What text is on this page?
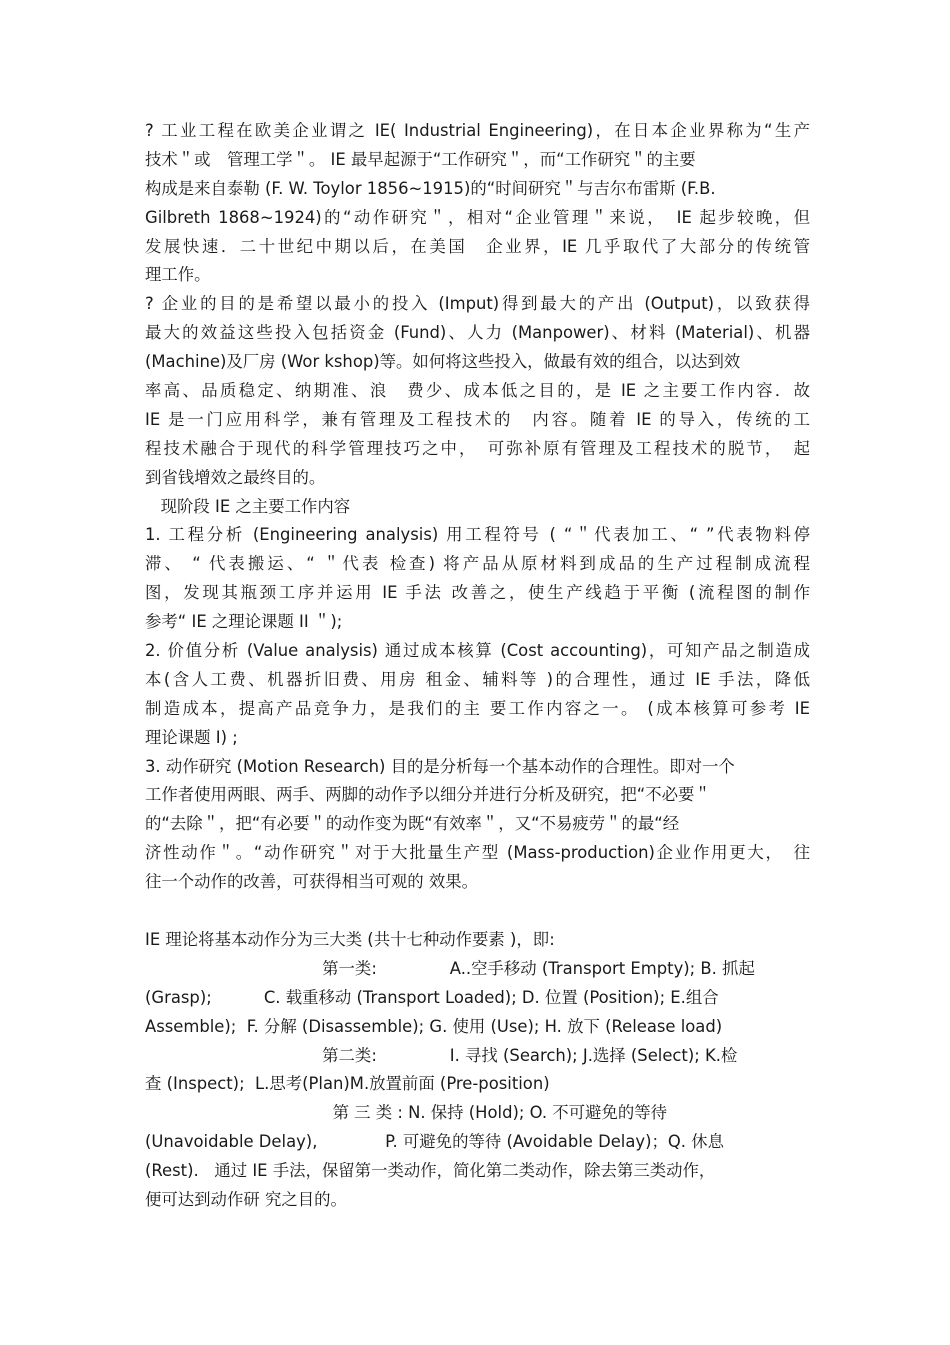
? 工业工程在欧美企业谓之 IE( Industrial Engineering)，在日本企业界称为“生产
技术＂或　管理工学＂。 IE 最早起源于“工作研究＂，而“工作研究＂的主要
构成是来自泰勒 (F. W. Toylor 1856~1915)的“时间研究＂与吉尔布雷斯 (F.B.
Gilbreth 1868~1924)的“动作研究＂，相对“企业管理＂来说，　IE 起步较晚，但
发展快速．二十世纪中期以后，在美国　企业界，IE 几乎取代了大部分的传统管
理工作。
? 企业的目的是希望以最小的投入 (Imput)得到最大的产出 (Output)，以致获得
最大的效益这些投入包括资金 (Fund)、人力 (Manpower)、材料 (Material)、机器
(Machine)及厂房 (Wor kshop)等。如何将这些投入，做最有效的组合，以达到效
率高、品质稳定、纳期准、浪　费少、成本低之目的，是 IE 之主要工作内容．故
IE 是一门应用科学，兼有管理及工程技术的　内容。随着 IE 的导入，传统的工
程技术融合于现代的科学管理技巧之中，　可弥补原有管理及工程技术的脱节，　起
到省钱增效之最终目的。
现阶段 IE 之主要工作内容
1. 工程分析 (Engineering analysis) 用工程符号 ( “＂代表加工、“ ”代表物料停
滞、 “ 代表搬运、“ ＂代表 检查) 将产品从原材料到成品的生产过程制成流程
图，发现其瓶颈工序并运用 IE 手法 改善之，使生产线趋于平衡 (流程图的制作
参考“ IE 之理论课题 II ＂);
2. 价值分析 (Value analysis) 通过成本核算 (Cost accounting)，可知产品之制造成
本(含人工费、机器折旧费、用房 租金、辅料等 )的合理性，通过 IE 手法，降低
制造成本，提高产品竞争力，是我们的主 要工作内容之一。 (成本核算可参考 IE
理论课题 I) ;
3. 动作研究 (Motion Research) 目的是分析每一个基本动作的合理性。即对一个
工作者使用两眼、两手、两脚的动作予以细分并进行分析及研究，把“不必要＂
的“去除＂，把“有必要＂的动作变为既“有效率＂，又“不易疲劳＂的最“经
济性动作＂。“动作研究＂对于大批量生产型 (Mass-production)企业作用更大，　往
往一个动作的改善，可获得相当可观的 效果。
IE 理论将基本动作分为三大类 (共十七种动作要素 )，即:
第一类:              A..空手移动 (Transport Empty); B. 抓起
(Grasp);          C. 载重移动 (Transport Loaded); D. 位置 (Position); E.组合
Assemble);  F. 分解 (Disassemble); G. 使用 (Use); H. 放下 (Release load)
第二类:              I. 寻找 (Search); J.选择 (Select); K.检
查 (Inspect);  L.思考(Plan)M.放置前面 (Pre-position)
第 三 类 : N. 保持 (Hold); O. 不可避免的等待
(Unavoidable Delay),             P. 可避免的等待 (Avoidable Delay)；Q. 休息
(Rest).   通过 IE 手法，保留第一类动作，简化第二类动作，除去第三类动作，
便可达到动作研 究之目的。
